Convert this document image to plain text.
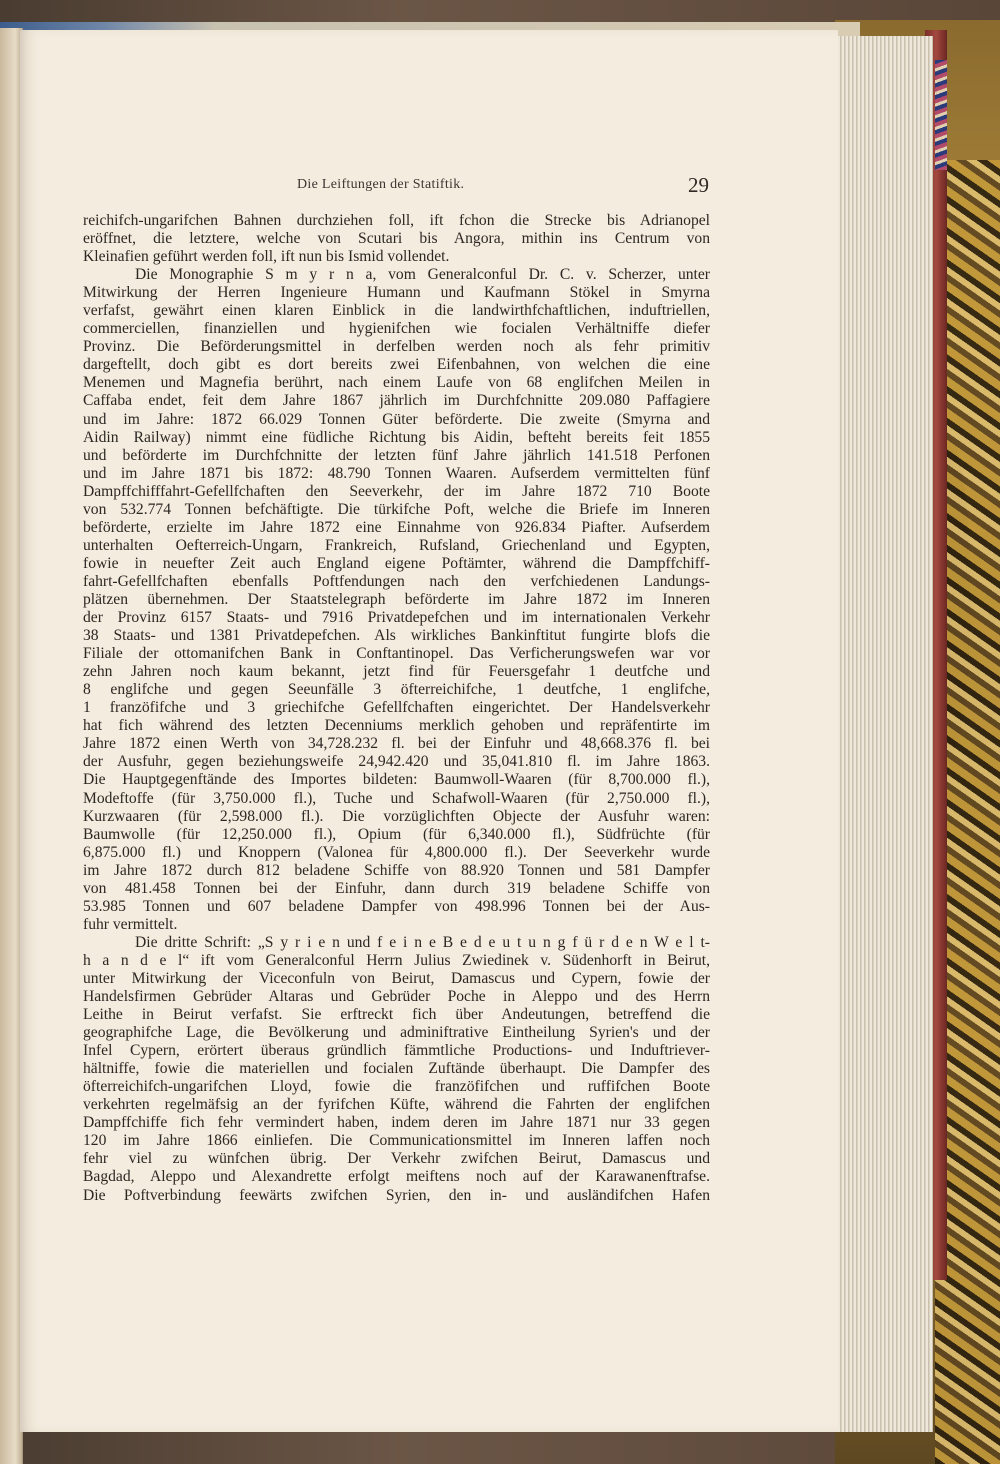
Die Leiftungen der Statiftik.	29
reichifch-ungarifchen Bahnen durchziehen foll, ift fchon die Strecke bis Adrianopel
eröffnet, die letztere, welche von Scutari bis Angora, mithin ins Centrum von
Kleinafien geführt werden foll, ift nun bis Ismid vollendet.
Die Monographie S m y r n a, vom Generalconful Dr. C. v. Scherzer, unter
Mitwirkung der Herren Ingenieure Humann und Kaufmann Stökel in Smyrna
verfafst, gewährt einen klaren Einblick in die landwirthfchaftlichen, induftriellen,
commerciellen, finanziellen und hygienifchen wie focialen Verhältniffe diefer
Provinz. Die Beförderungsmittel in derfelben werden noch als fehr primitiv
dargeftellt, doch gibt es dort bereits zwei Eifenbahnen, von welchen die eine
Menemen und Magnefia berührt, nach einem Laufe von 68 englifchen Meilen in
Caffaba endet, feit dem Jahre 1867 jährlich im Durchfchnitte 209.080 Paffagiere
und im Jahre: 1872 66.029 Tonnen Güter beförderte. Die zweite (Smyrna and
Aidin Railway) nimmt eine füdliche Richtung bis Aidin, befteht bereits feit 1855
und beförderte im Durchfchnitte der letzten fünf Jahre jährlich 141.518 Perfonen
und im Jahre 1871 bis 1872: 48.790 Tonnen Waaren. Aufserdem vermittelten fünf
Dampffchifffahrt-Gefellfchaften den Seeverkehr, der im Jahre 1872 710 Boote
von 532.774 Tonnen befchäftigte. Die türkifche Poft, welche die Briefe im Inneren
beförderte, erzielte im Jahre 1872 eine Einnahme von 926.834 Piafter. Aufserdem
unterhalten Oefterreich-Ungarn, Frankreich, Rufsland, Griechenland und Egypten,
fowie in neuefter Zeit auch England eigene Poftämter, während die Dampffchiff-
fahrt-Gefellfchaften ebenfalls Poftfendungen nach den verfchiedenen Landungs-
plätzen übernehmen. Der Staatstelegraph beförderte im Jahre 1872 im Inneren
der Provinz 6157 Staats- und 7916 Privatdepefchen und im internationalen Verkehr
38 Staats- und 1381 Privatdepefchen. Als wirkliches Bankinftitut fungirte blofs die
Filiale der ottomanifchen Bank in Conftantinopel. Das Verficherungswefen war vor
zehn Jahren noch kaum bekannt, jetzt find für Feuersgefahr 1 deutfche und
8 englifche und gegen Seeunfälle 3 öfterreichifche, 1 deutfche, 1 englifche,
1 franzöfifche und 3 griechifche Gefellfchaften eingerichtet. Der Handelsverkehr
hat fich während des letzten Decenniums merklich gehoben und repräfentirte im
Jahre 1872 einen Werth von 34,728.232 fl. bei der Einfuhr und 48,668.376 fl. bei
der Ausfuhr, gegen beziehungsweife 24,942.420 und 35,041.810 fl. im Jahre 1863.
Die Hauptgegenftände des Importes bildeten: Baumwoll-Waaren (für 8,700.000 fl.),
Modeftoffe (für 3,750.000 fl.), Tuche und Schafwoll-Waaren (für 2,750.000 fl.),
Kurzwaaren (für 2,598.000 fl.). Die vorzüglichften Objecte der Ausfuhr waren:
Baumwolle (für 12,250.000 fl.), Opium (für 6,340.000 fl.), Südfrüchte (für
6,875.000 fl.) und Knoppern (Valonea für 4,800.000 fl.). Der Seeverkehr wurde
im Jahre 1872 durch 812 beladene Schiffe von 88.920 Tonnen und 581 Dampfer
von 481.458 Tonnen bei der Einfuhr, dann durch 319 beladene Schiffe von
53.985 Tonnen und 607 beladene Dampfer von 498.996 Tonnen bei der Aus-
fuhr vermittelt.
Die dritte Schrift: „S y r i e n und f e i n e B e d e u t u n g f ü r d e n W e l t-
h a n d e l“ ift vom Generalconful Herrn Julius Zwiedinek v. Südenhorft in Beirut,
unter Mitwirkung der Viceconfuln von Beirut, Damascus und Cypern, fowie der
Handelsfirmen Gebrüder Altaras und Gebrüder Poche in Aleppo und des Herrn
Leithe in Beirut verfafst. Sie erftreckt fich über Andeutungen, betreffend die
geographifche Lage, die Bevölkerung und adminiftrative Eintheilung Syrien's und der
Infel Cypern, erörtert überaus gründlich fämmtliche Productions- und Induftriever-
hältniffe, fowie die materiellen und focialen Zuftände überhaupt. Die Dampfer des
öfterreichifch-ungarifchen Lloyd, fowie die franzöfifchen und ruffifchen Boote
verkehrten regelmäfsig an der fyrifchen Küfte, während die Fahrten der englifchen
Dampffchiffe fich fehr vermindert haben, indem deren im Jahre 1871 nur 33 gegen
120 im Jahre 1866 einliefen. Die Communicationsmittel im Inneren laffen noch
fehr viel zu wünfchen übrig. Der Verkehr zwifchen Beirut, Damascus und
Bagdad, Aleppo und Alexandrette erfolgt meiftens noch auf der Karawanenftrafse.
Die Poftverbindung feewärts zwifchen Syrien, den in- und ausländifchen Hafen
